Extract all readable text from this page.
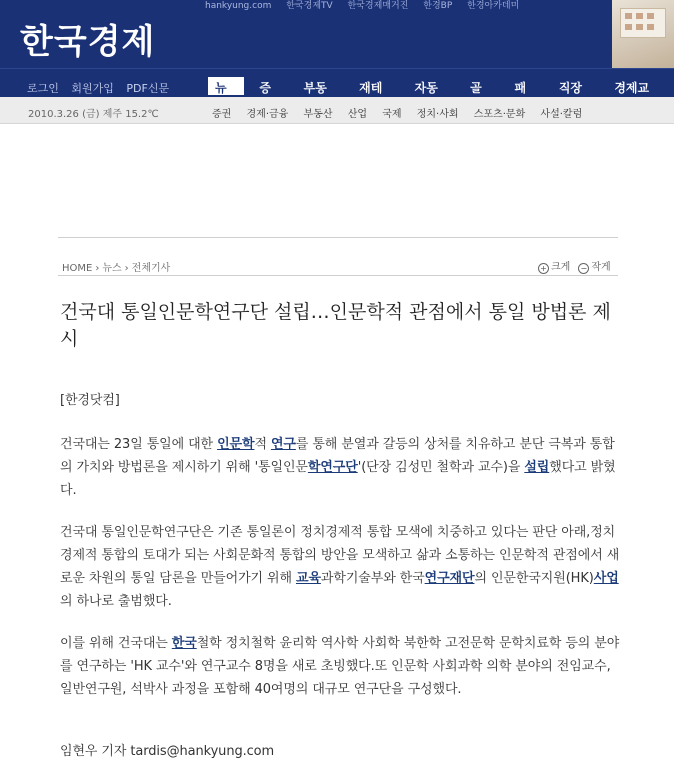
hankyung.com 한국경제TV 한국경제매거진 한경BP 한경아카데미
한국경제
로그인 회원가입 PDF신문	뉴	증	부동	재테	자동	골	패	직장	경제교
2010.3.26 (금) 제주 15.2℃	증권 경제·금융 부동산 산업 국제 정치·사회 스포츠·문화 사설·칼럼
HOME › 뉴스 › 전체기사	+ 크게 − 작게
건국대 통일인문학연구단 설립…인문학적 관점에서 통일 방법론 제시
[한경닷컴]
건국대는 23일 통일에 대한 인문학적 연구를 통해 분열과 갈등의 상처를 치유하고 분단 극복과 통합의 가치와 방법론을 제시하기 위해 '통일인문학연구단'(단장 김성민 철학과 교수)을 설립했다고 밝혔다.
건국대 통일인문학연구단은 기존 통일론이 정치경제적 통합 모색에 치중하고 있다는 판단 아래,정치경제적 통합의 토대가 되는 사회문화적 통합의 방안을 모색하고 삶과 소통하는 인문학적 관점에서 새로운 차원의 통일 담론을 만들어가기 위해 교육과학기술부와 한국연구재단의 인문한국지원(HK)사업의 하나로 출범했다.
이를 위해 건국대는 한국철학 정치철학 윤리학 역사학 사회학 북한학 고전문학 문학치료학 등의 분야를 연구하는 'HK 교수'와 연구교수 8명을 새로 초빙했다.또 인문학 사회과학 의학 분야의 전임교수, 일반연구원, 석박사 과정을 포함해 40여명의 대규모 연구단을 구성했다.
임현우 기자 tardis@hankyung.com
